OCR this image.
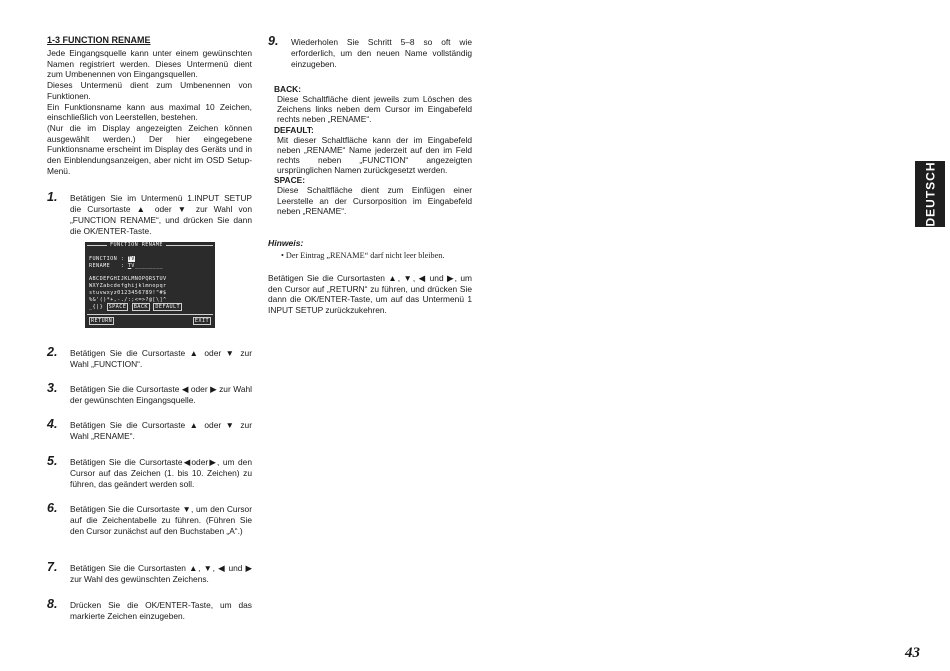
1-3 FUNCTION RENAME

Jede Eingangsquelle kann unter einem gewünschten Namen registriert werden. Dieses Untermenü dient zum Umbenennen von Eingangsquellen.

Dieses Untermenü dient zum Umbenennen von Funktionen.

Ein Funktionsname kann aus maximal 10 Zeichen, einschließlich von Leerstellen, bestehen.

(Nur die im Display angezeigten Zeichen können ausgewählt werden.) Der hier eingegebene Funktionsname erscheint im Display des Geräts und in den Einblendungsanzeigen, aber nicht im OSD Setup-Menü.

1. Betätigen Sie im Untermenü 1.INPUT SETUP die Cursortaste ▲ oder ▼ zur Wahl von „FUNCTION RENAME“, und drücken Sie dann die OK/ENTER-Taste.
FUNCTION RENAME
FUNCTION : TV
RENAME   : TV________
ABCDEFGHIJKLMNOPQRSTUV
WXYZabcdefghijklmnopqr
stuvwxyz0123456789!"#$
%&'()*+,-./:;<=>?@[\]^
_{|} SPACE BACK DEFAULT
RETURN	EXIT
2. Betätigen Sie die Cursortaste ▲ oder ▼ zur Wahl „FUNCTION“.
3. Betätigen Sie die Cursortaste ◀ oder ▶ zur Wahl der gewünschten Eingangsquelle.
4. Betätigen Sie die Cursortaste ▲ oder ▼ zur Wahl „RENAME“.
5. Betätigen Sie die Cursortaste◀oder▶, um den Cursor auf das Zeichen (1. bis 10. Zeichen) zu führen, das geändert werden soll.
6. Betätigen Sie die Cursortaste ▼, um den Cursor auf die Zeichentabelle zu führen. (Führen Sie den Cursor zunächst auf den Buchstaben „A“.)
7. Betätigen Sie die Cursortasten ▲, ▼, ◀ und ▶ zur Wahl des gewünschten Zeichens.
8. Drücken Sie die OK/ENTER-Taste, um das markierte Zeichen einzugeben.
9. Wiederholen Sie Schritt 5–8 so oft wie erforderlich, um den neuen Name vollständig einzugeben.
BACK:
Diese Schaltfläche dient jeweils zum Löschen des Zeichens links neben dem Cursor im Eingabefeld rechts neben „RENAME“.
DEFAULT:
Mit dieser Schaltfläche kann der im Eingabefeld neben „RENAME“ Name jederzeit auf den im Feld rechts neben „FUNCTION“ angezeigten ursprünglichen Namen zurückgesetzt werden.
SPACE:
Diese Schaltfläche dient zum Einfügen einer Leerstelle an der Cursorposition im Eingabefeld neben „RENAME“.
Hinweis:
• Der Eintrag „RENAME“ darf nicht leer bleiben.
Betätigen Sie die Cursortasten ▲, ▼, ◀ und ▶, um den Cursor auf „RETURN“ zu führen, und drücken Sie dann die OK/ENTER-Taste, um auf das Untermenü 1 INPUT SETUP zurückzukehren.
DEUTSCH
43
